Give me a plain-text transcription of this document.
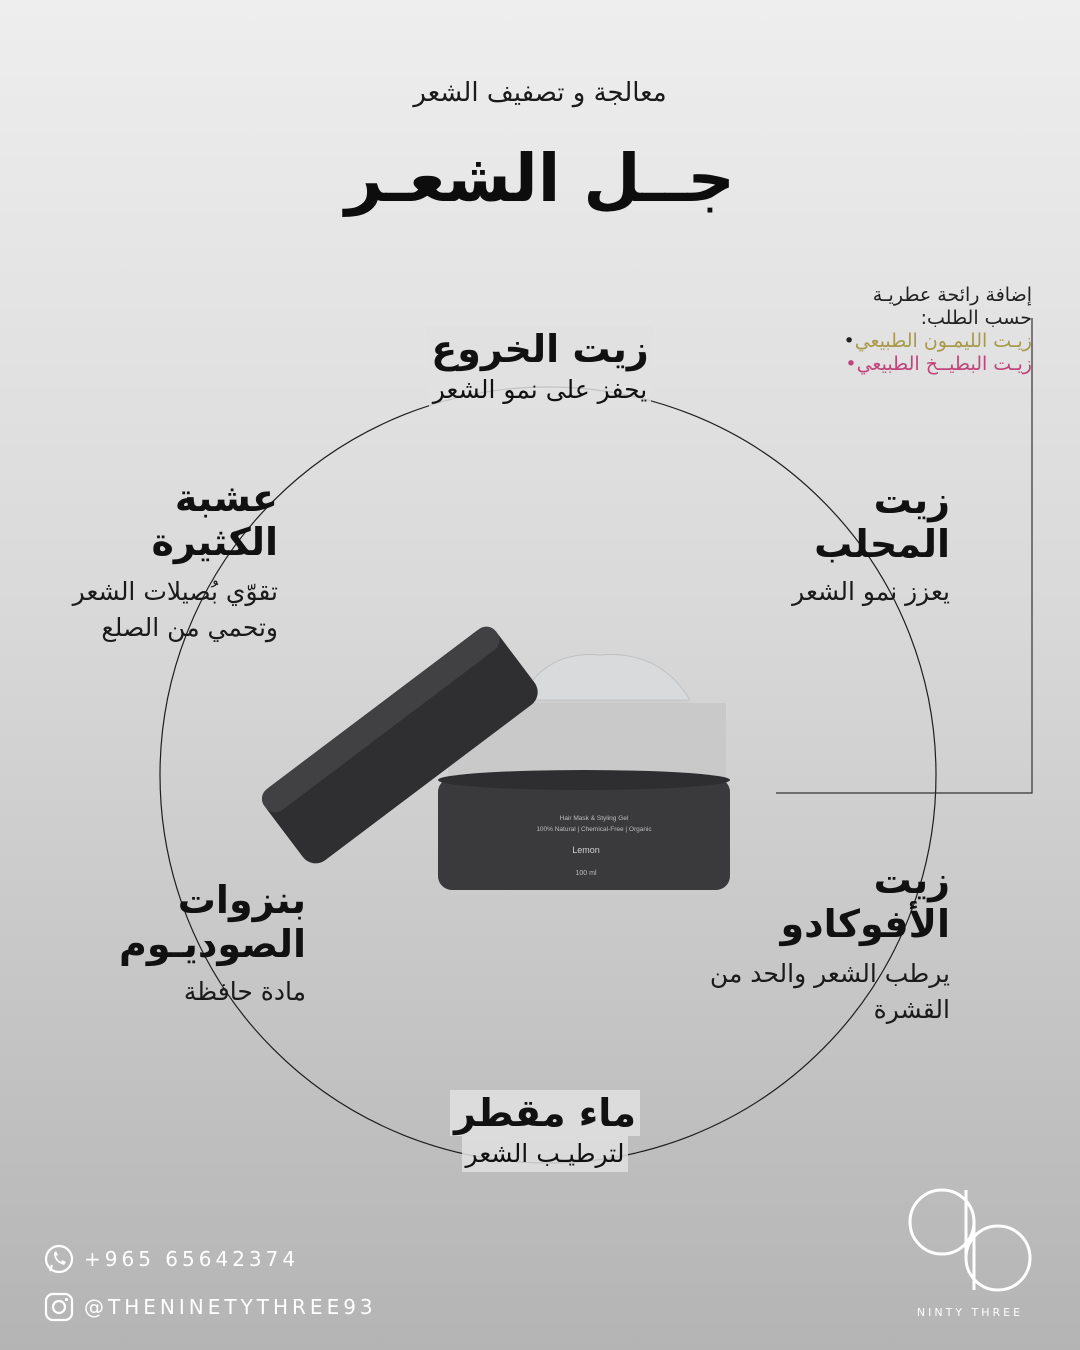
معالجة و تصفيف الشعر
جــل الشعـر
Hair Mask & Styling Gel
100% Natural | Chemical-Free | Organic
Lemon
100 ml
زيت الخروع
يحفز على نمو الشعر
زيت
المحلب
يعزز نمو الشعر
زيت
الأفوكادو
يرطب الشعر والحد من
القشرة
ماء مقطر
لترطيـب الشعر
بنزوات
الصوديـوم
مادة حافظة
عشبة
الكثيرة
تقوّي بُصيلات الشعر
وتحمي من الصلع
إضافة رائحة عطريـة
حسب الطلب:
زيـت الليمـون الطبيعي•
زيـت البطيــخ الطبيعي•
+965 65642374
@THENINETYTHREE93	NINTY THREE
